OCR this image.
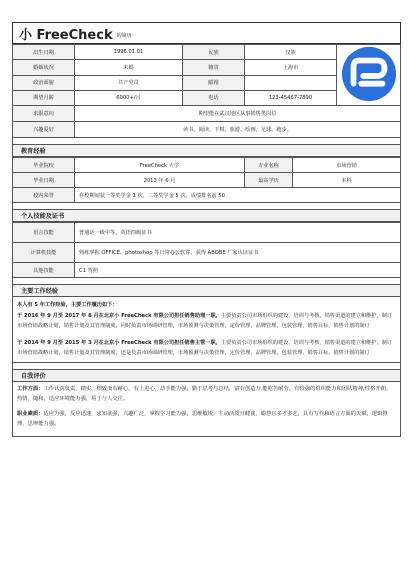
小 FreeCheck 的简历
出生日期	1996.01.01	民族	汉族	
婚姻状况	未婚	籍贯	上海市	
政治面貌	共产党员	邮箱		
期望月薪	6000+/月	电话	123-45467-7890	
求职意向	期望能在武汉地区从事销售类岗位			
兴趣爱好	读书、阅读、下棋、旅游、绘画、足球、跑步。			
教育经验
毕业院校	FreeCheck 大学	专业名称	市场营销
毕业日期	2013 年 6 月	最高学历	本科
校内荣誉	在校期间获一等奖学金 1 次，二等奖学金 5 次，成绩排名前 50		
个人技能及证书
语言技能	普通话一级甲等，英语四级证书
计算机技能	熟练掌握 OFFICE、photoshop 等日常办公软件，获得 ABOBE 厂家认证证书
其他技能	C1 驾照
主要工作经验

本人有 5 年工作经验，主要工作履历如下：

于 2016 年 9 月至 2017 年 8 月在北京小 FreeCheck 有限公司担任销售助理一职，主要负责公司市场组织的建设、培训与考核，销售渠道的建立和维护，制订市场营销战略计划，销售计划及其管理制度，同时负责市场调研管理，市场预测与决策管理，定价管理，品牌管理，包装管理，销售目标，销售计划的制订

于 2014 年 9 月至 2015 年 3 月在北京小 FreeCheck 有限公司担任销售主管一职，主要负责公司市场组织的建设、培训与考核，销售渠道的建立和维护，制订市场营销战略计划，销售计划及其管理制度，还是负责市场调研管理，市场预测与决策管理，定价管理，品牌管理，包装管理，销售目标，销售计划的制订

自我评价

工作方面：工作认真负责，踏实，细致而有耐心，有上进心，动手能力强，勤于思考与总结，富有创造力.能吃苦耐劳，有较强的组织能力和团队精神;性格开朗、热情，随和，适应环境能力强，易于与人交往。

职业素质：适应力强，反应迅速，求知欲强，兴趣广泛，掌握学习能力强，思维敏锐，主动活泼且健谈，聪慧且多才多艺，具有写作和语言方面的天赋，逻辑推理，思辨能力强。
